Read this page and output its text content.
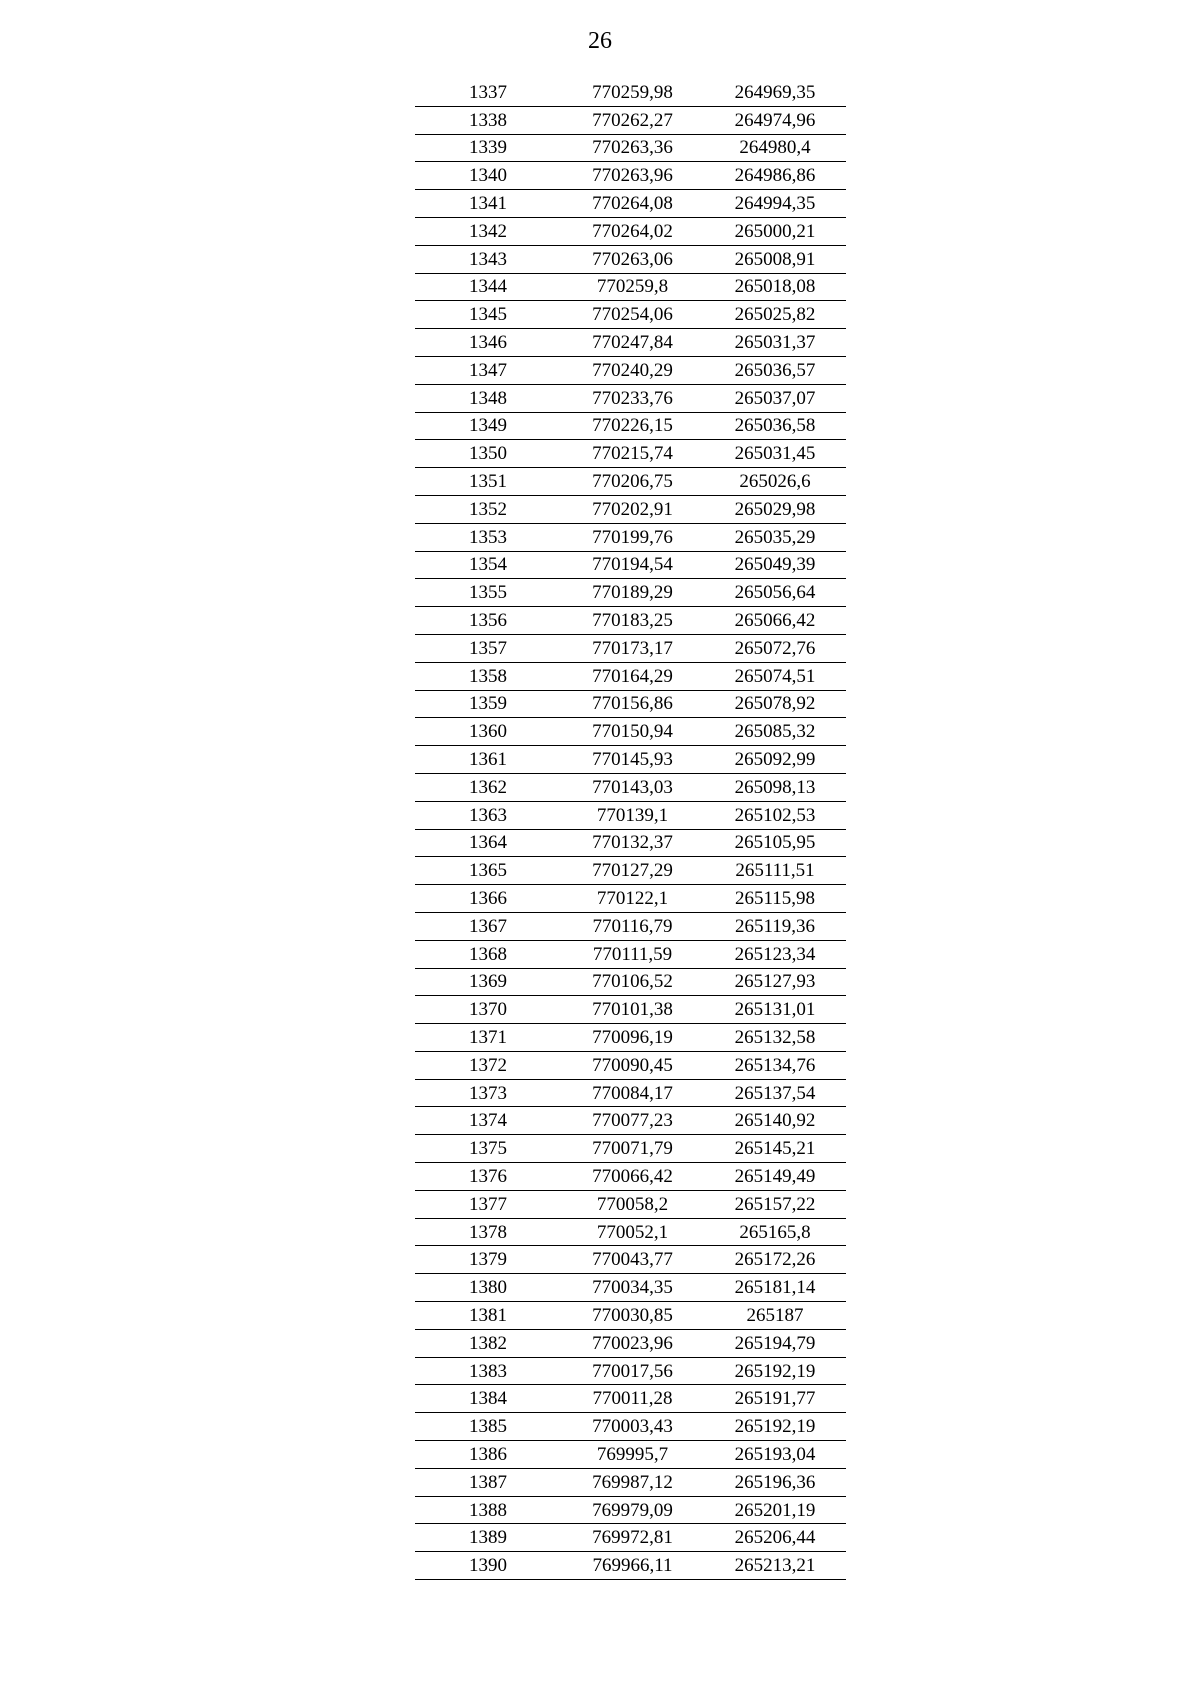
26
1337	770259,98	264969,35
1338	770262,27	264974,96
1339	770263,36	264980,4
1340	770263,96	264986,86
1341	770264,08	264994,35
1342	770264,02	265000,21
1343	770263,06	265008,91
1344	770259,8	265018,08
1345	770254,06	265025,82
1346	770247,84	265031,37
1347	770240,29	265036,57
1348	770233,76	265037,07
1349	770226,15	265036,58
1350	770215,74	265031,45
1351	770206,75	265026,6
1352	770202,91	265029,98
1353	770199,76	265035,29
1354	770194,54	265049,39
1355	770189,29	265056,64
1356	770183,25	265066,42
1357	770173,17	265072,76
1358	770164,29	265074,51
1359	770156,86	265078,92
1360	770150,94	265085,32
1361	770145,93	265092,99
1362	770143,03	265098,13
1363	770139,1	265102,53
1364	770132,37	265105,95
1365	770127,29	265111,51
1366	770122,1	265115,98
1367	770116,79	265119,36
1368	770111,59	265123,34
1369	770106,52	265127,93
1370	770101,38	265131,01
1371	770096,19	265132,58
1372	770090,45	265134,76
1373	770084,17	265137,54
1374	770077,23	265140,92
1375	770071,79	265145,21
1376	770066,42	265149,49
1377	770058,2	265157,22
1378	770052,1	265165,8
1379	770043,77	265172,26
1380	770034,35	265181,14
1381	770030,85	265187
1382	770023,96	265194,79
1383	770017,56	265192,19
1384	770011,28	265191,77
1385	770003,43	265192,19
1386	769995,7	265193,04
1387	769987,12	265196,36
1388	769979,09	265201,19
1389	769972,81	265206,44
1390	769966,11	265213,21
